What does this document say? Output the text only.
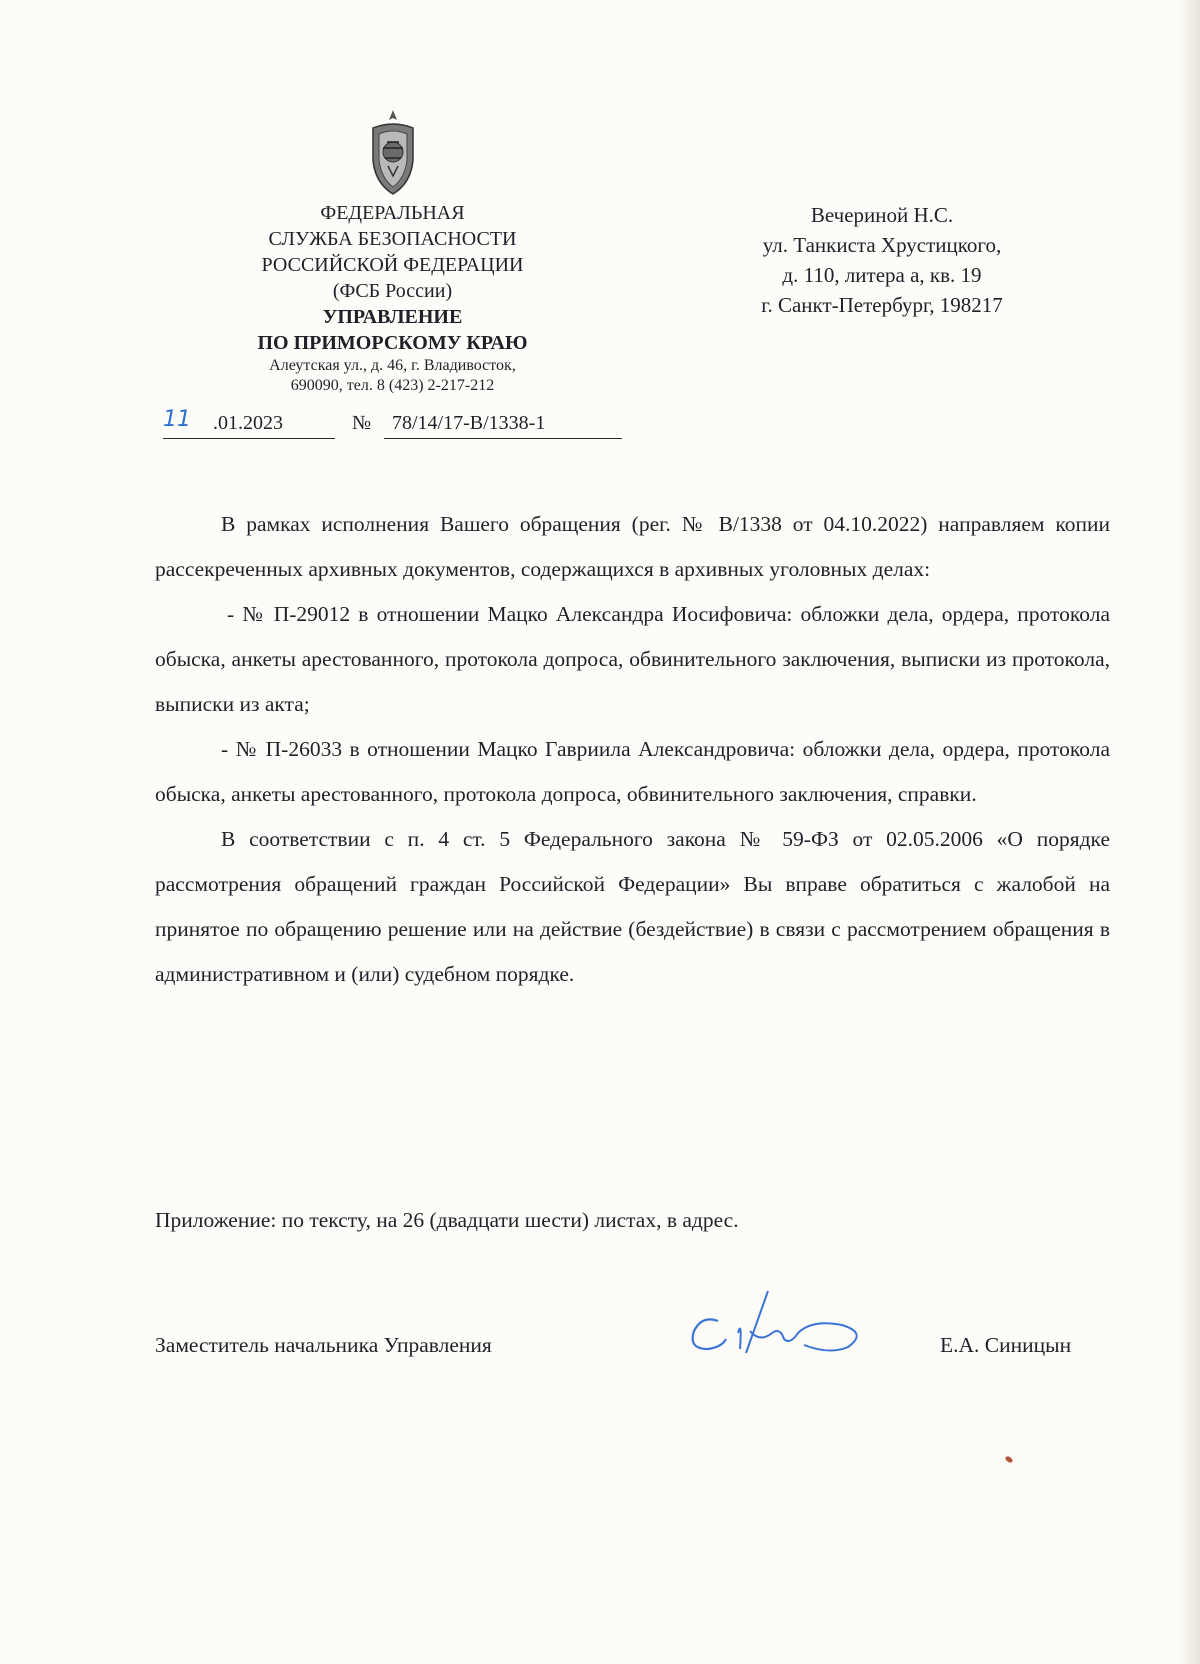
ФЕДЕРАЛЬНАЯ
СЛУЖБА БЕЗОПАСНОСТИ
РОССИЙСКОЙ ФЕДЕРАЦИИ
(ФСБ России)
УПРАВЛЕНИЕ
ПО ПРИМОРСКОМУ КРАЮ
Алеутская ул., д. 46, г. Владивосток,
690090, тел. 8 (423) 2-217-212
11 .01.2023	№ 78/14/17-В/1338-1
Вечериной Н.С.
ул. Танкиста Хрустицкого,
д. 110, литера а, кв. 19
г. Санкт-Петербург, 198217

В рамках исполнения Вашего обращения (рег. № В/1338 от 04.10.2022) направляем копии рассекреченных архивных документов, содержащихся в архивных уголовных делах:

- № П-29012 в отношении Мацко Александра Иосифовича: обложки дела, ордера, протокола обыска, анкеты арестованного, протокола допроса, обвинительного заключения, выписки из протокола, выписки из акта;

- № П-26033 в отношении Мацко Гавриила Александровича: обложки дела, ордера, протокола обыска, анкеты арестованного, протокола допроса, обвинительного заключения, справки.

В соответствии с п. 4 ст. 5 Федерального закона № 59-ФЗ от 02.05.2006 «О порядке рассмотрения обращений граждан Российской Федерации» Вы вправе обратиться с жалобой на принятое по обращению решение или на действие (бездействие) в связи с рассмотрением обращения в административном и (или) судебном порядке.

Приложение: по тексту, на 26 (двадцати шести) листах, в адрес.
Заместитель начальника Управления	Е.А. Синицын
